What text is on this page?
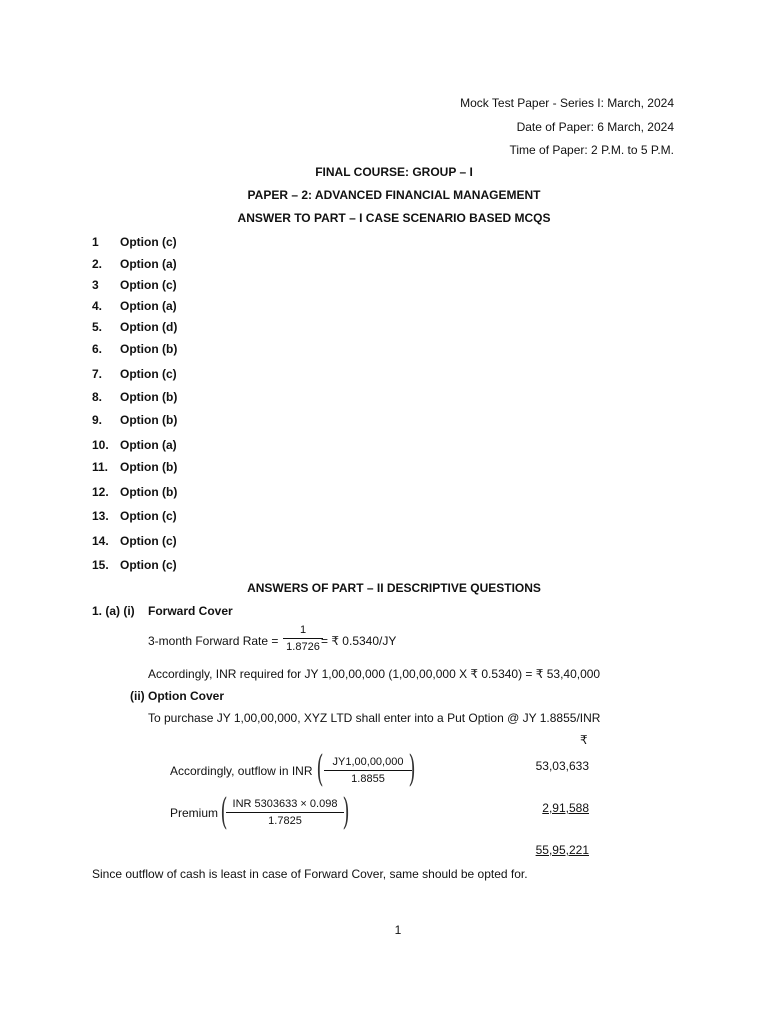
Mock Test Paper - Series I: March, 2024
Date of Paper: 6 March, 2024
Time of Paper: 2 P.M. to 5 P.M.
FINAL COURSE: GROUP – I
PAPER – 2: ADVANCED FINANCIAL MANAGEMENT
ANSWER TO PART – I CASE SCENARIO BASED MCQS
1	Option (c)
2.	Option (a)
3	Option (c)
4.	Option (a)
5.	Option (d)
6.	Option (b)
7.	Option (c)
8.	Option (b)
9.	Option (b)
10. Option (a)
11. Option (b)
12. Option (b)
13. Option (c)
14. Option (c)
15. Option (c)
ANSWERS OF PART – II DESCRIPTIVE QUESTIONS
1. (a) (i) Forward Cover
3-month Forward Rate =
1
1.8726 = ₹ 0.5340/JY
Accordingly, INR required for JY 1,00,00,000 (1,00,00,000 X ₹ 0.5340) = ₹ 53,40,000
(ii) Option Cover
To purchase JY 1,00,00,000, XYZ LTD shall enter into a Put Option @ JY 1.8855/INR
₹
Accordingly, outflow in INR ( JY1,00,00,000
1.8855 )	53,03,633
Premium ( INR 5303633 × 0.098
1.7825	)	2,91,588
55,95,221
Since outflow of cash is least in case of Forward Cover, same should be opted for.
1
